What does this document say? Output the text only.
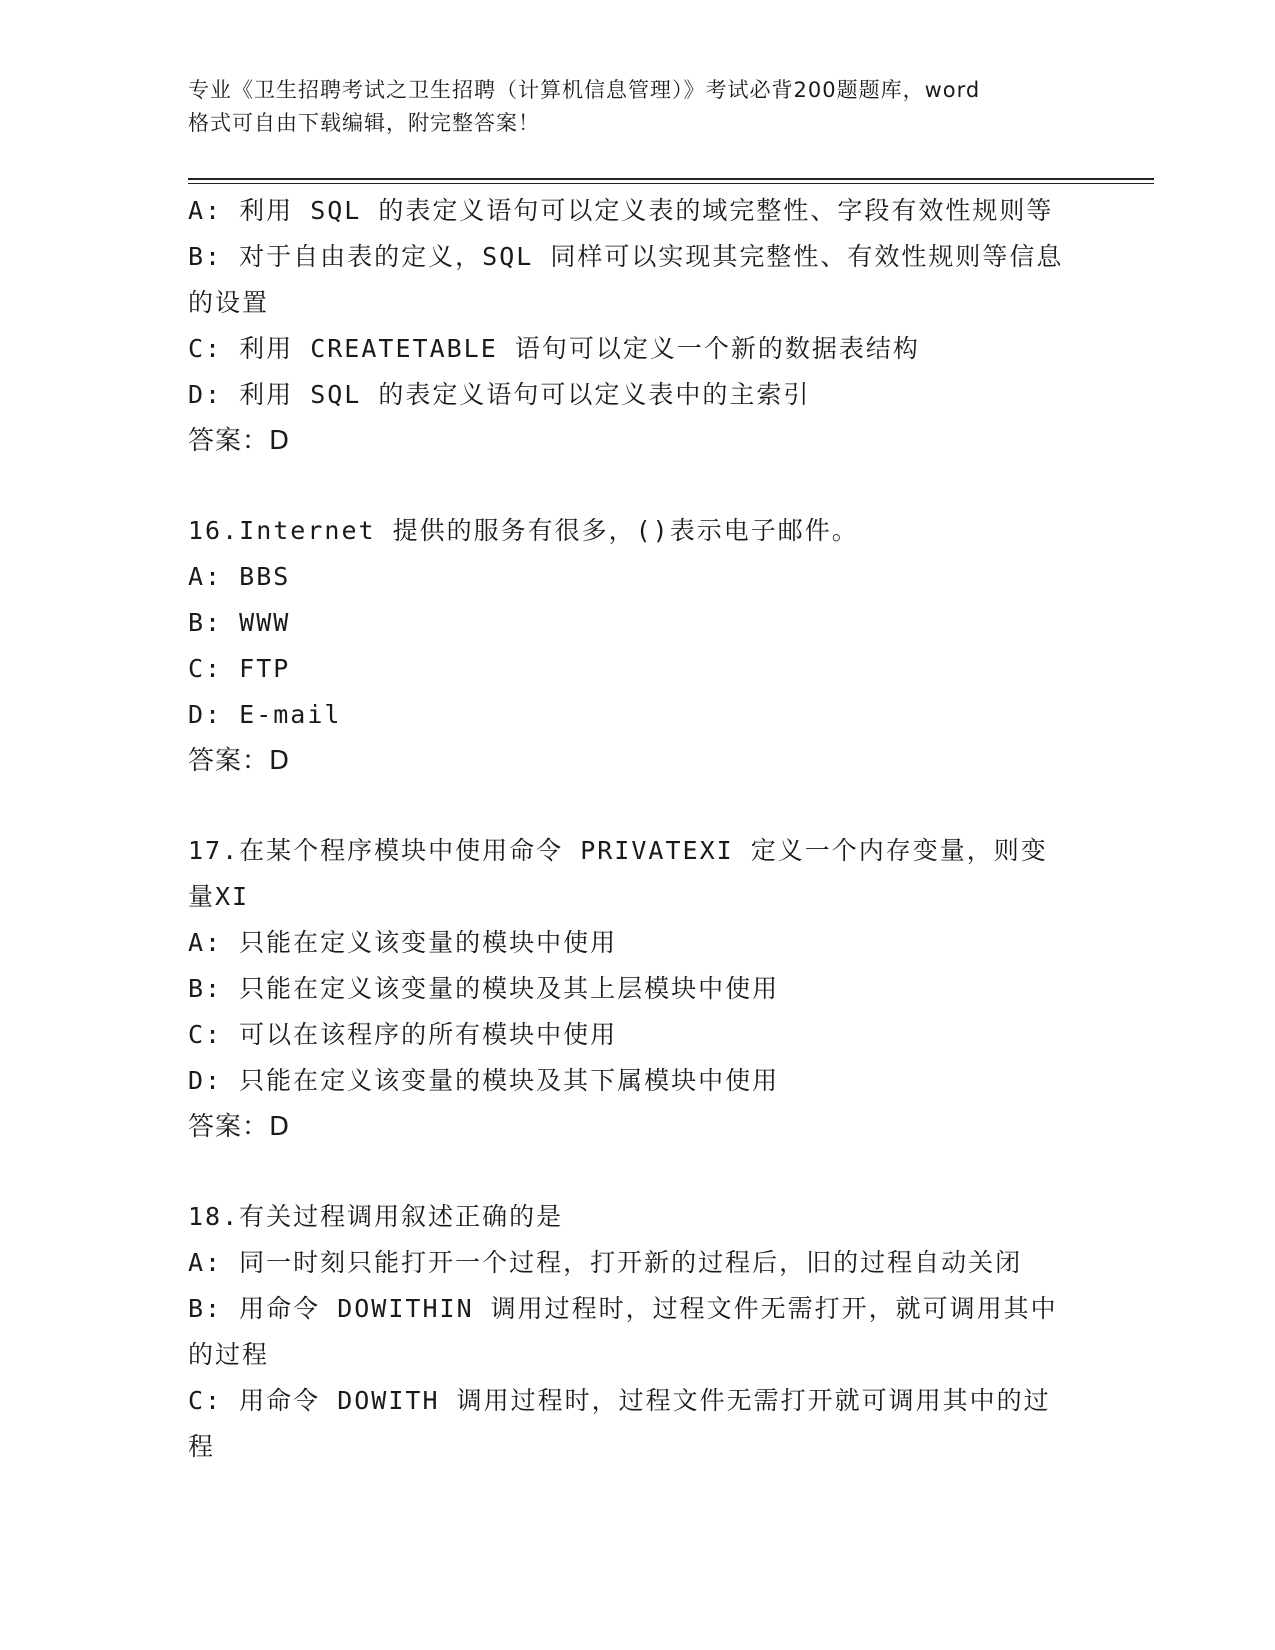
专业《卫生招聘考试之卫生招聘（计算机信息管理）》考试必背200题题库，word
格式可自由下载编辑，附完整答案！
A: 利用 SQL 的表定义语句可以定义表的域完整性、字段有效性规则等
B: 对于自由表的定义，SQL 同样可以实现其完整性、有效性规则等信息的设置
C: 利用 CREATETABLE 语句可以定义一个新的数据表结构
D: 利用 SQL 的表定义语句可以定义表中的主索引
答案：D
16.Internet 提供的服务有很多，()表示电子邮件。
A: BBS
B: WWW
C: FTP
D: E-mail
答案：D
17.在某个程序模块中使用命令 PRIVATEXI 定义一个内存变量，则变量XI
A: 只能在定义该变量的模块中使用
B: 只能在定义该变量的模块及其上层模块中使用
C: 可以在该程序的所有模块中使用
D: 只能在定义该变量的模块及其下属模块中使用
答案：D
18.有关过程调用叙述正确的是
A: 同一时刻只能打开一个过程，打开新的过程后，旧的过程自动关闭
B: 用命令 DOWITHIN 调用过程时，过程文件无需打开，就可调用其中的过程
C: 用命令 DOWITH 调用过程时，过程文件无需打开就可调用其中的过程
